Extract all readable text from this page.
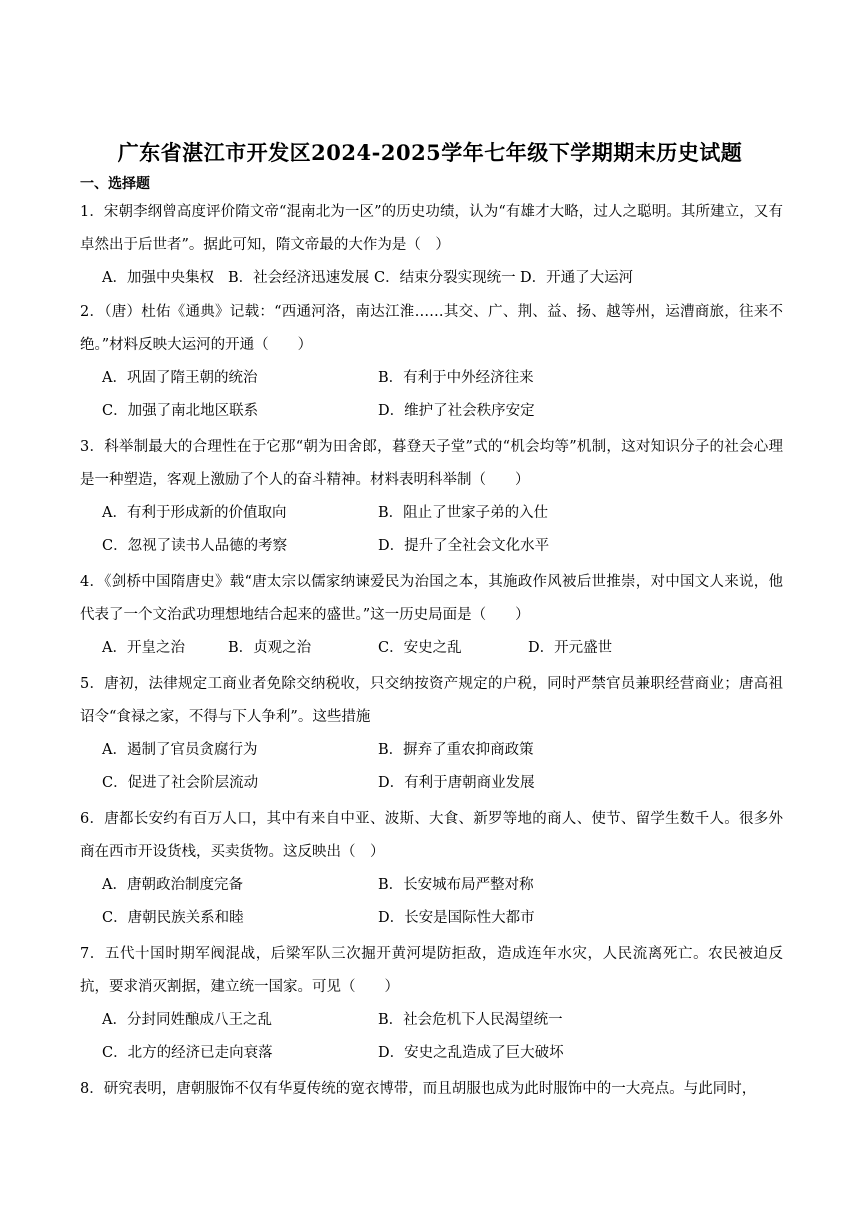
广东省湛江市开发区2024-2025学年七年级下学期期末历史试题
一、选择题

1．宋朝李纲曾高度评价隋文帝“混南北为一区”的历史功绩，认为“有雄才大略，过人之聪明。其所建立，又有卓然出于后世者”。据此可知，隋文帝最的大作为是（　）

A．加强中央集权 B．社会经济迅速发展 C．结束分裂实现统一 D．开通了大运河

2．（唐）杜佑《通典》记载：“西通河洛，南达江淮……其交、广、荆、益、扬、越等州，运漕商旅，往来不绝。”材料反映大运河的开通（　　）

A．巩固了隋王朝的统治	B．有利于中外经济往来
C．加强了南北地区联系	D．维护了社会秩序安定

3．科举制最大的合理性在于它那“朝为田舍郎，暮登天子堂”式的“机会均等”机制，这对知识分子的社会心理是一种塑造，客观上激励了个人的奋斗精神。材料表明科举制（　　）

A．有利于形成新的价值取向	B．阻止了世家子弟的入仕
C．忽视了读书人品德的考察	D．提升了全社会文化水平

4．《剑桥中国隋唐史》载“唐太宗以儒家纳谏爱民为治国之本，其施政作风被后世推崇，对中国文人来说，他代表了一个文治武功理想地结合起来的盛世。”这一历史局面是（　　）

A．开皇之治	B．贞观之治	C．安史之乱	D．开元盛世

5．唐初，法律规定工商业者免除交纳税收，只交纳按资产规定的户税，同时严禁官员兼职经营商业；唐高祖诏令“食禄之家，不得与下人争利”。这些措施

A．遏制了官员贪腐行为	B．摒弃了重农抑商政策
C．促进了社会阶层流动	D．有利于唐朝商业发展

6．唐都长安约有百万人口，其中有来自中亚、波斯、大食、新罗等地的商人、使节、留学生数千人。很多外商在西市开设货栈，买卖货物。这反映出（　）

A．唐朝政治制度完备	B．长安城布局严整对称
C．唐朝民族关系和睦	D．长安是国际性大都市

7．五代十国时期军阀混战，后梁军队三次掘开黄河堤防拒敌，造成连年水灾，人民流离死亡。农民被迫反抗，要求消灭割据，建立统一国家。可见（　　）

A．分封同姓酿成八王之乱	B．社会危机下人民渴望统一
C．北方的经济已走向衰落	D．安史之乱造成了巨大破坏

8．研究表明，唐朝服饰不仅有华夏传统的宽衣博带，而且胡服也成为此时服饰中的一大亮点。与此同时，
